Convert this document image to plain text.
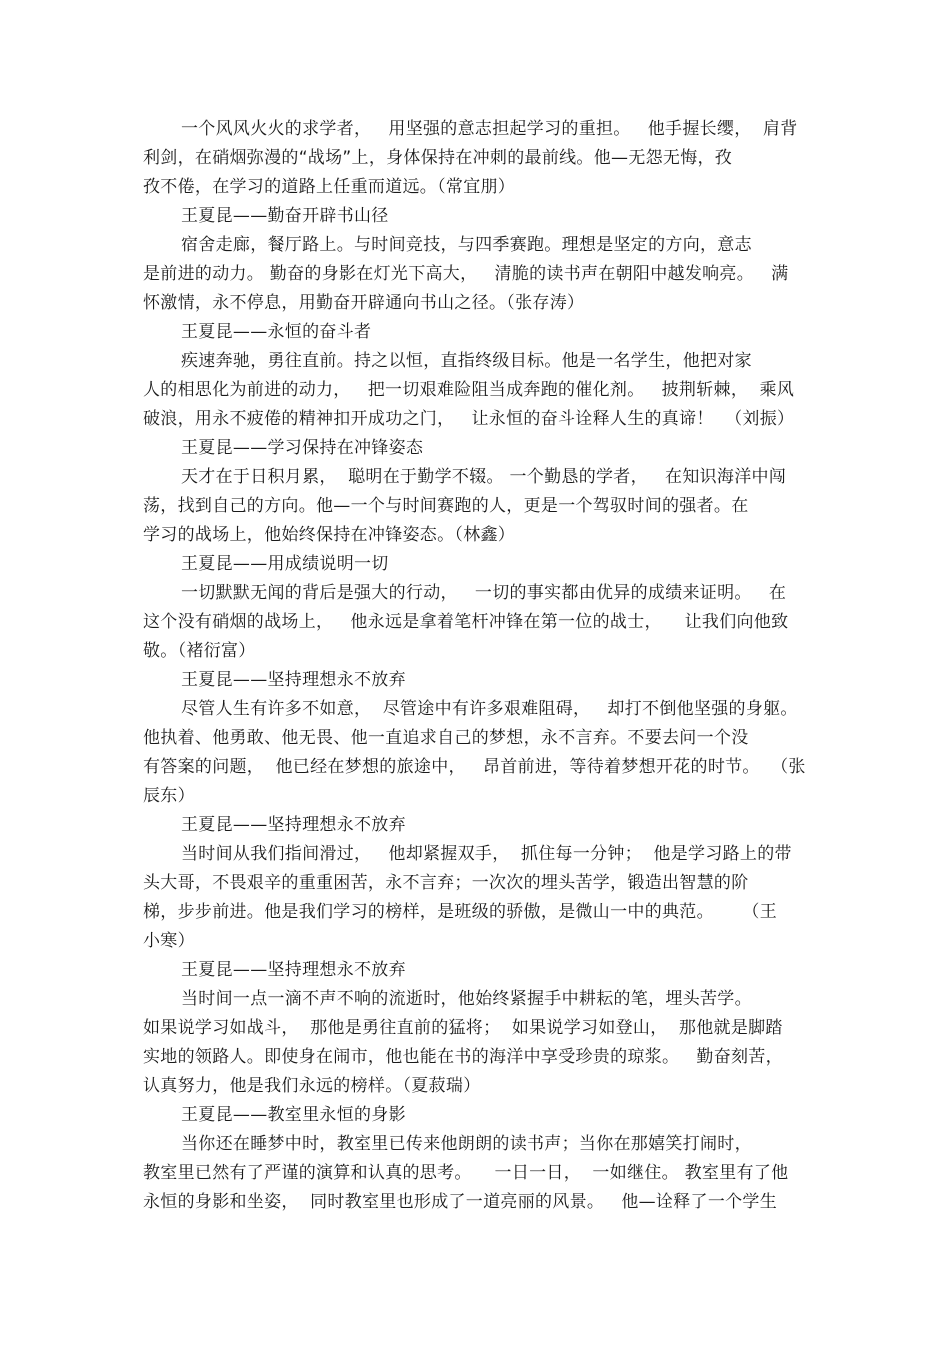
一个风风火火的求学者，   用坚强的意志担起学习的重担。   他手握长缨，  肩背
利剑，在硝烟弥漫的“战场”上，身体保持在冲刺的最前线。他—无怨无悔，孜
孜不倦，在学习的道路上任重而道远。（常宜朋）
王夏昆——勤奋开辟书山径
宿舍走廊，餐厅路上。与时间竞技，与四季赛跑。理想是坚定的方向，意志
是前进的动力。 勤奋的身影在灯光下高大，   清脆的读书声在朝阳中越发响亮。   满
怀激情，永不停息，用勤奋开辟通向书山之径。（张存涛）
王夏昆——永恒的奋斗者
疾速奔驰，勇往直前。持之以恒，直指终级目标。他是一名学生，他把对家
人的相思化为前进的动力，   把一切艰难险阻当成奔跑的催化剂。   披荆斩棘，  乘风
破浪，用永不疲倦的精神扣开成功之门，   让永恒的奋斗诠释人生的真谛！  （刘振）
王夏昆——学习保持在冲锋姿态
天才在于日积月累，  聪明在于勤学不辍。 一个勤恳的学者，   在知识海洋中闯
荡，找到自己的方向。他—一个与时间赛跑的人，更是一个驾驭时间的强者。在
学习的战场上，他始终保持在冲锋姿态。（林鑫）
王夏昆——用成绩说明一切
一切默默无闻的背后是强大的行动，   一切的事实都由优异的成绩来证明。   在
这个没有硝烟的战场上，   他永远是拿着笔杆冲锋在第一位的战士，    让我们向他致
敬。（褚衍富）
王夏昆——坚持理想永不放弃
尽管人生有许多不如意，  尽管途中有许多艰难阻碍，   却打不倒他坚强的身躯。
他执着、他勇敢、他无畏、他一直追求自己的梦想，永不言弃。不要去问一个没
有答案的问题，  他已经在梦想的旅途中，   昂首前进，等待着梦想开花的时节。  （张
辰东）
王夏昆——坚持理想永不放弃
当时间从我们指间滑过，   他却紧握双手，  抓住每一分钟；  他是学习路上的带
头大哥，不畏艰辛的重重困苦，永不言弃；一次次的埋头苦学，锻造出智慧的阶
梯，步步前进。他是我们学习的榜样，是班级的骄傲，是微山一中的典范。     （王
小寒）
王夏昆——坚持理想永不放弃
当时间一点一滴不声不响的流逝时，他始终紧握手中耕耘的笔，埋头苦学。
如果说学习如战斗，  那他是勇往直前的猛将；  如果说学习如登山，  那他就是脚踏
实地的领路人。即使身在闹市，他也能在书的海洋中享受珍贵的琼浆。   勤奋刻苦，
认真努力，他是我们永远的榜样。（夏菽瑞）
王夏昆——教室里永恒的身影
当你还在睡梦中时，教室里已传来他朗朗的读书声；当你在那嬉笑打闹时，
教室里已然有了严谨的演算和认真的思考。    一日一日，  一如继住。 教室里有了他
永恒的身影和坐姿，  同时教室里也形成了一道亮丽的风景。   他—诠释了一个学生
